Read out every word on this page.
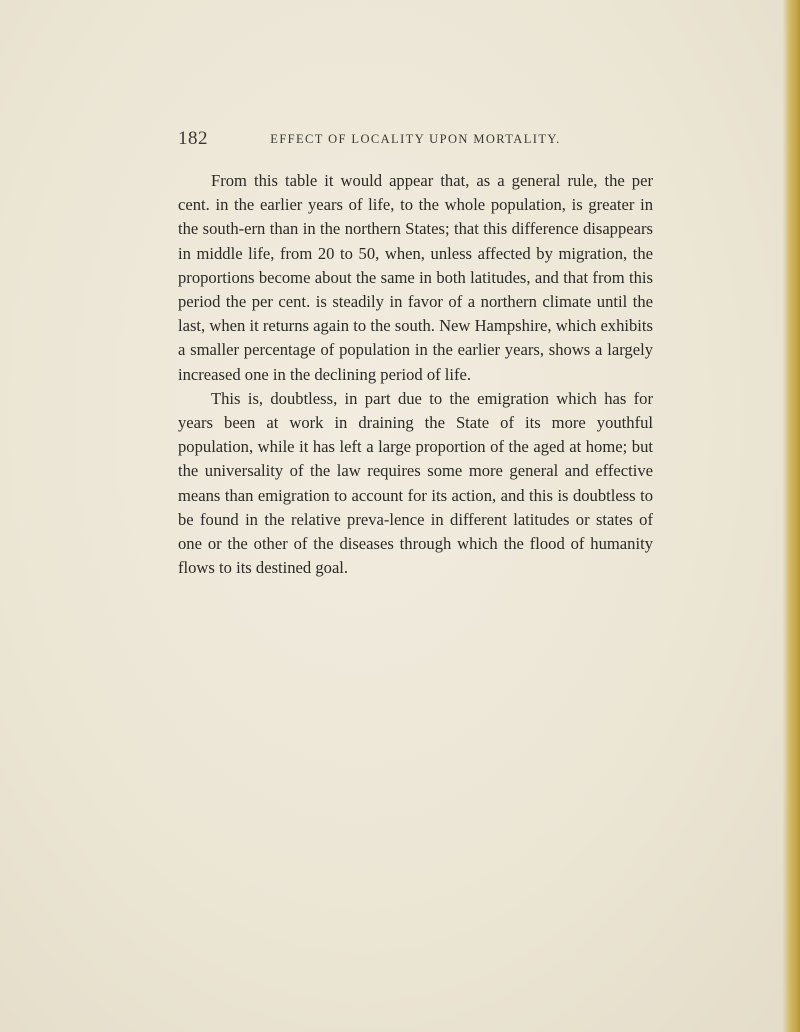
182	EFFECT OF LOCALITY UPON MORTALITY.

From this table it would appear that, as a general rule, the per cent. in the earlier years of life, to the whole population, is greater in the south-ern than in the northern States; that this difference disappears in middle life, from 20 to 50, when, unless affected by migration, the proportions become about the same in both latitudes, and that from this period the per cent. is steadily in favor of a northern climate until the last, when it returns again to the south. New Hampshire, which exhibits a smaller percentage of population in the earlier years, shows a largely increased one in the declining period of life.

This is, doubtless, in part due to the emigration which has for years been at work in draining the State of its more youthful population, while it has left a large proportion of the aged at home; but the universality of the law requires some more general and effective means than emigration to account for its action, and this is doubtless to be found in the relative preva-lence in different latitudes or states of one or the other of the diseases through which the flood of humanity flows to its destined goal.
